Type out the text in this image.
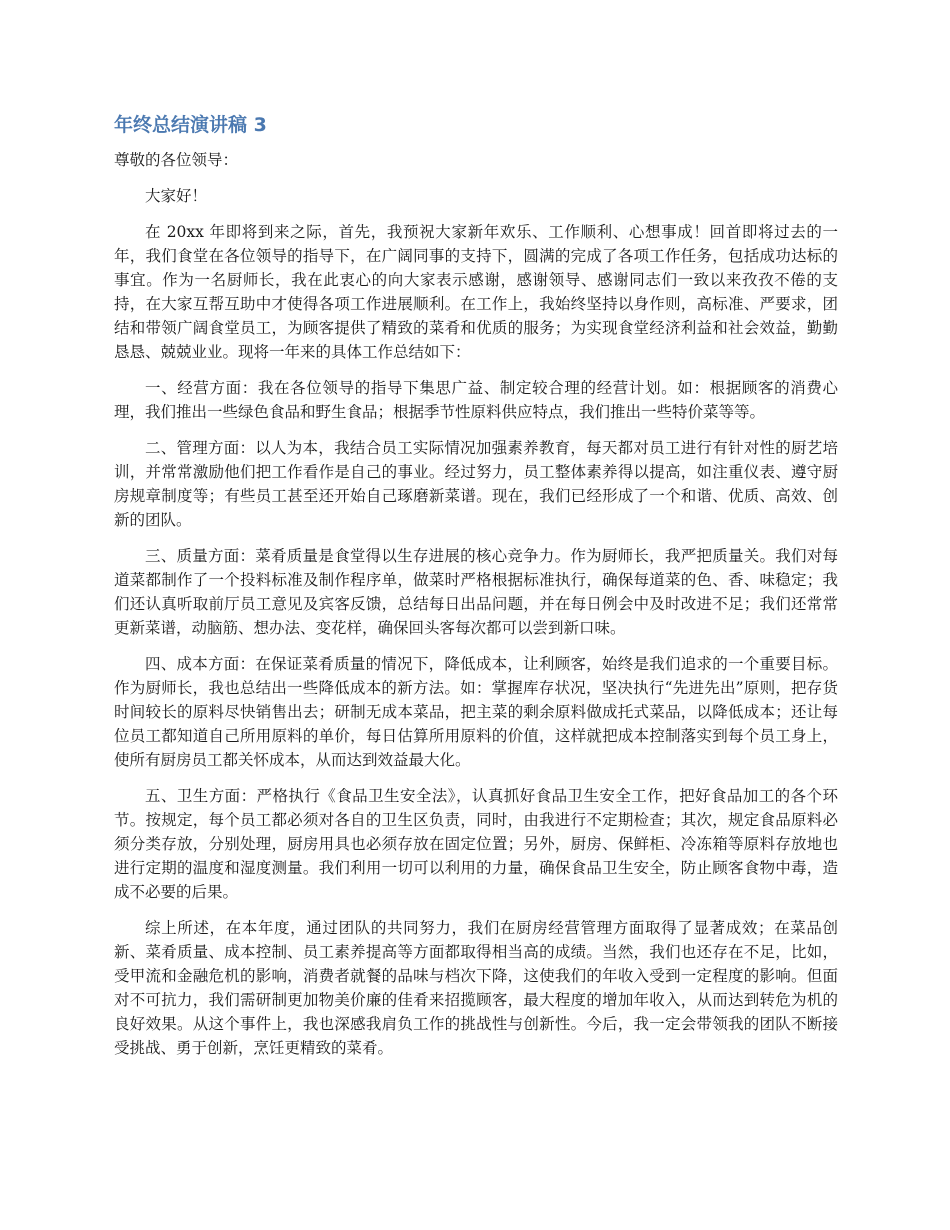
年终总结演讲稿 3

尊敬的各位领导：

大家好！

在 20xx 年即将到来之际，首先，我预祝大家新年欢乐、工作顺利、心想事成！回首即将过去的一年，我们食堂在各位领导的指导下，在广阔同事的支持下，圆满的完成了各项工作任务，包括成功达标的事宜。作为一名厨师长，我在此衷心的向大家表示感谢，感谢领导、感谢同志们一致以来孜孜不倦的支持，在大家互帮互助中才使得各项工作进展顺利。在工作上，我始终坚持以身作则，高标准、严要求，团结和带领广阔食堂员工，为顾客提供了精致的菜肴和优质的服务；为实现食堂经济利益和社会效益，勤勤恳恳、兢兢业业。现将一年来的具体工作总结如下：

一、经营方面：我在各位领导的指导下集思广益、制定较合理的经营计划。如：根据顾客的消费心理，我们推出一些绿色食品和野生食品；根据季节性原料供应特点，我们推出一些特价菜等等。

二、管理方面：以人为本，我结合员工实际情况加强素养教育，每天都对员工进行有针对性的厨艺培训，并常常激励他们把工作看作是自己的事业。经过努力，员工整体素养得以提高，如注重仪表、遵守厨房规章制度等；有些员工甚至还开始自己琢磨新菜谱。现在，我们已经形成了一个和谐、优质、高效、创新的团队。

三、质量方面：菜肴质量是食堂得以生存进展的核心竞争力。作为厨师长，我严把质量关。我们对每道菜都制作了一个投料标准及制作程序单，做菜时严格根据标准执行，确保每道菜的色、香、味稳定；我们还认真听取前厅员工意见及宾客反馈，总结每日出品问题，并在每日例会中及时改进不足；我们还常常更新菜谱，动脑筋、想办法、变花样，确保回头客每次都可以尝到新口味。

四、成本方面：在保证菜肴质量的情况下，降低成本，让利顾客，始终是我们追求的一个重要目标。作为厨师长，我也总结出一些降低成本的新方法。如：掌握库存状况，坚决执行“先进先出”原则，把存货时间较长的原料尽快销售出去；研制无成本菜品，把主菜的剩余原料做成托式菜品，以降低成本；还让每位员工都知道自己所用原料的单价，每日估算所用原料的价值，这样就把成本控制落实到每个员工身上，使所有厨房员工都关怀成本，从而达到效益最大化。

五、卫生方面：严格执行《食品卫生安全法》，认真抓好食品卫生安全工作，把好食品加工的各个环节。按规定，每个员工都必须对各自的卫生区负责，同时，由我进行不定期检查；其次，规定食品原料必须分类存放，分别处理，厨房用具也必须存放在固定位置；另外，厨房、保鲜柜、冷冻箱等原料存放地也进行定期的温度和湿度测量。我们利用一切可以利用的力量，确保食品卫生安全，防止顾客食物中毒，造成不必要的后果。

综上所述，在本年度，通过团队的共同努力，我们在厨房经营管理方面取得了显著成效；在菜品创新、菜肴质量、成本控制、员工素养提高等方面都取得相当高的成绩。当然，我们也还存在不足，比如，受甲流和金融危机的影响，消费者就餐的品味与档次下降，这使我们的年收入受到一定程度的影响。但面对不可抗力，我们需研制更加物美价廉的佳肴来招揽顾客，最大程度的增加年收入，从而达到转危为机的良好效果。从这个事件上，我也深感我肩负工作的挑战性与创新性。今后，我一定会带领我的团队不断接受挑战、勇于创新，烹饪更精致的菜肴。
